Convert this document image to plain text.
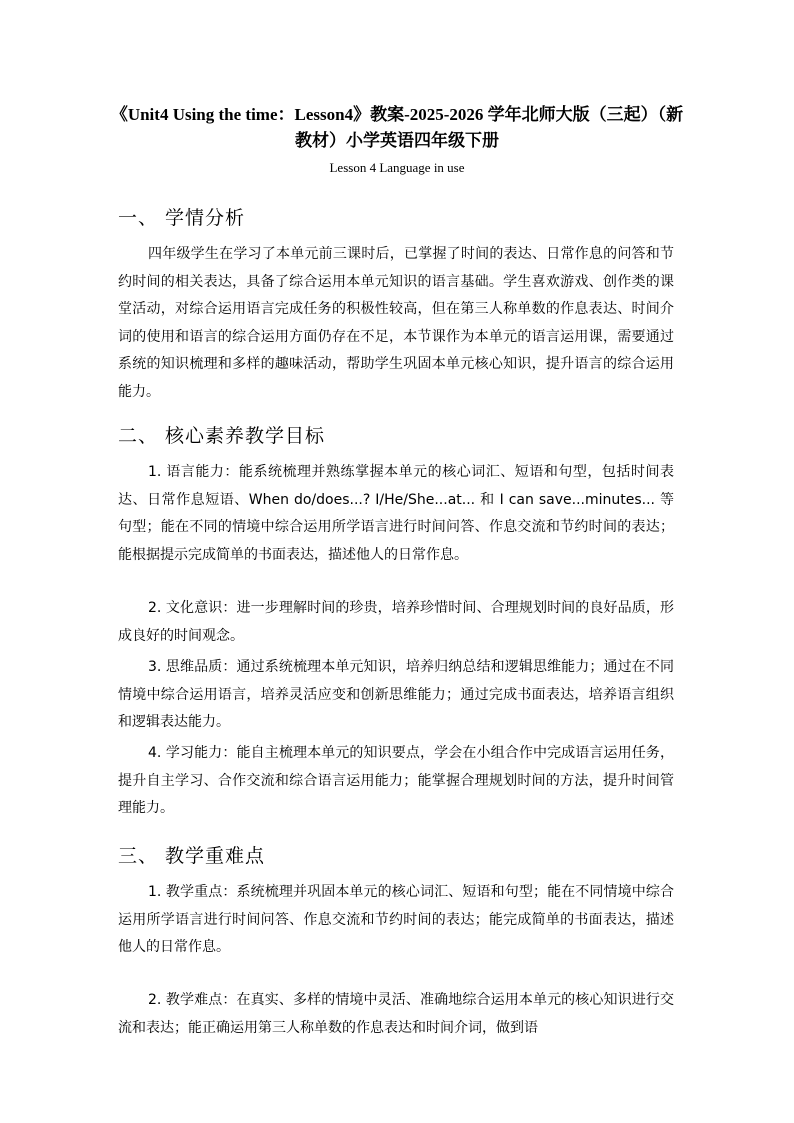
《Unit4 Using the time：Lesson4》教案-2025-2026 学年北师大版（三起）（新教材）小学英语四年级下册
Lesson 4 Language in use
一、 学情分析
四年级学生在学习了本单元前三课时后，已掌握了时间的表达、日常作息的问答和节约时间的相关表达，具备了综合运用本单元知识的语言基础。学生喜欢游戏、创作类的课堂活动，对综合运用语言完成任务的积极性较高，但在第三人称单数的作息表达、时间介词的使用和语言的综合运用方面仍存在不足，本节课作为本单元的语言运用课，需要通过系统的知识梳理和多样的趣味活动，帮助学生巩固本单元核心知识，提升语言的综合运用能力。
二、 核心素养教学目标
1. 语言能力：能系统梳理并熟练掌握本单元的核心词汇、短语和句型，包括时间表达、日常作息短语、When do/does...? I/He/She...at... 和 I can save...minutes... 等句型；能在不同的情境中综合运用所学语言进行时间问答、作息交流和节约时间的表达；能根据提示完成简单的书面表达，描述他人的日常作息。
2. 文化意识：进一步理解时间的珍贵，培养珍惜时间、合理规划时间的良好品质，形成良好的时间观念。
3. 思维品质：通过系统梳理本单元知识，培养归纳总结和逻辑思维能力；通过在不同情境中综合运用语言，培养灵活应变和创新思维能力；通过完成书面表达，培养语言组织和逻辑表达能力。
4. 学习能力：能自主梳理本单元的知识要点，学会在小组合作中完成语言运用任务，提升自主学习、合作交流和综合语言运用能力；能掌握合理规划时间的方法，提升时间管理能力。
三、 教学重难点
1. 教学重点：系统梳理并巩固本单元的核心词汇、短语和句型；能在不同情境中综合运用所学语言进行时间问答、作息交流和节约时间的表达；能完成简单的书面表达，描述他人的日常作息。
2. 教学难点：在真实、多样的情境中灵活、准确地综合运用本单元的核心知识进行交流和表达；能正确运用第三人称单数的作息表达和时间介词，做到语
